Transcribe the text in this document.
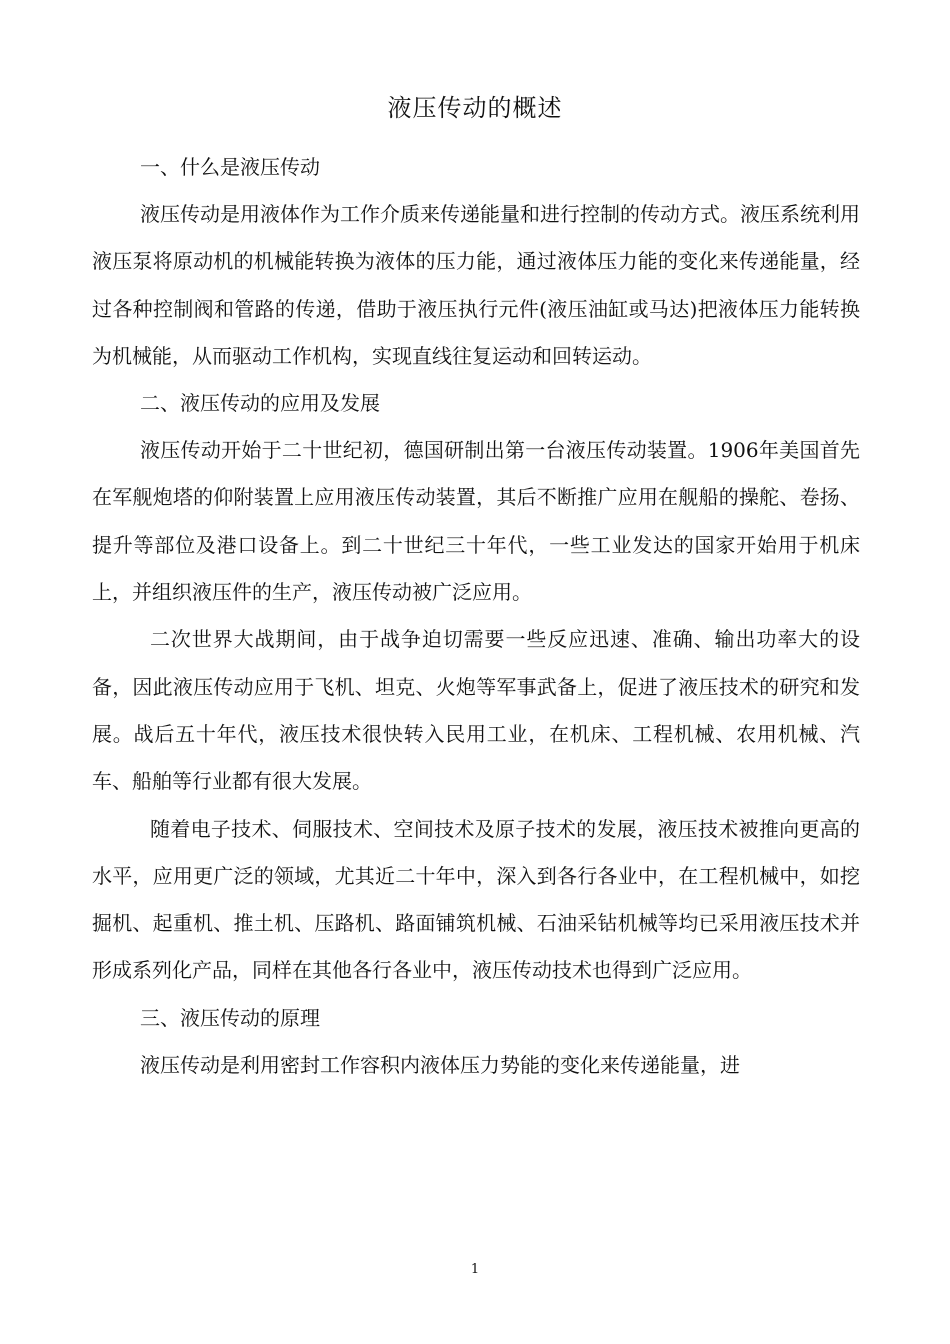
液压传动的概述

一、什么是液压传动

液压传动是用液体作为工作介质来传递能量和进行控制的传动方式。液压系统利用液压泵将原动机的机械能转换为液体的压力能，通过液体压力能的变化来传递能量，经过各种控制阀和管路的传递，借助于液压执行元件(液压油缸或马达)把液体压力能转换为机械能，从而驱动工作机构，实现直线往复运动和回转运动。

二、液压传动的应用及发展

液压传动开始于二十世纪初，德国研制出第一台液压传动装置。1906年美国首先在军舰炮塔的仰附装置上应用液压传动装置，其后不断推广应用在舰船的操舵、卷扬、提升等部位及港口设备上。到二十世纪三十年代，一些工业发达的国家开始用于机床上，并组织液压件的生产，液压传动被广泛应用。

二次世界大战期间，由于战争迫切需要一些反应迅速、准确、输出功率大的设备，因此液压传动应用于飞机、坦克、火炮等军事武备上，促进了液压技术的研究和发展。战后五十年代，液压技术很快转入民用工业，在机床、工程机械、农用机械、汽车、船舶等行业都有很大发展。

随着电子技术、伺服技术、空间技术及原子技术的发展，液压技术被推向更高的水平，应用更广泛的领域，尤其近二十年中，深入到各行各业中，在工程机械中，如挖掘机、起重机、推土机、压路机、路面铺筑机械、石油采钻机械等均已采用液压技术并形成系列化产品，同样在其他各行各业中，液压传动技术也得到广泛应用。

三、液压传动的原理

液压传动是利用密封工作容积内液体压力势能的变化来传递能量，进

1
